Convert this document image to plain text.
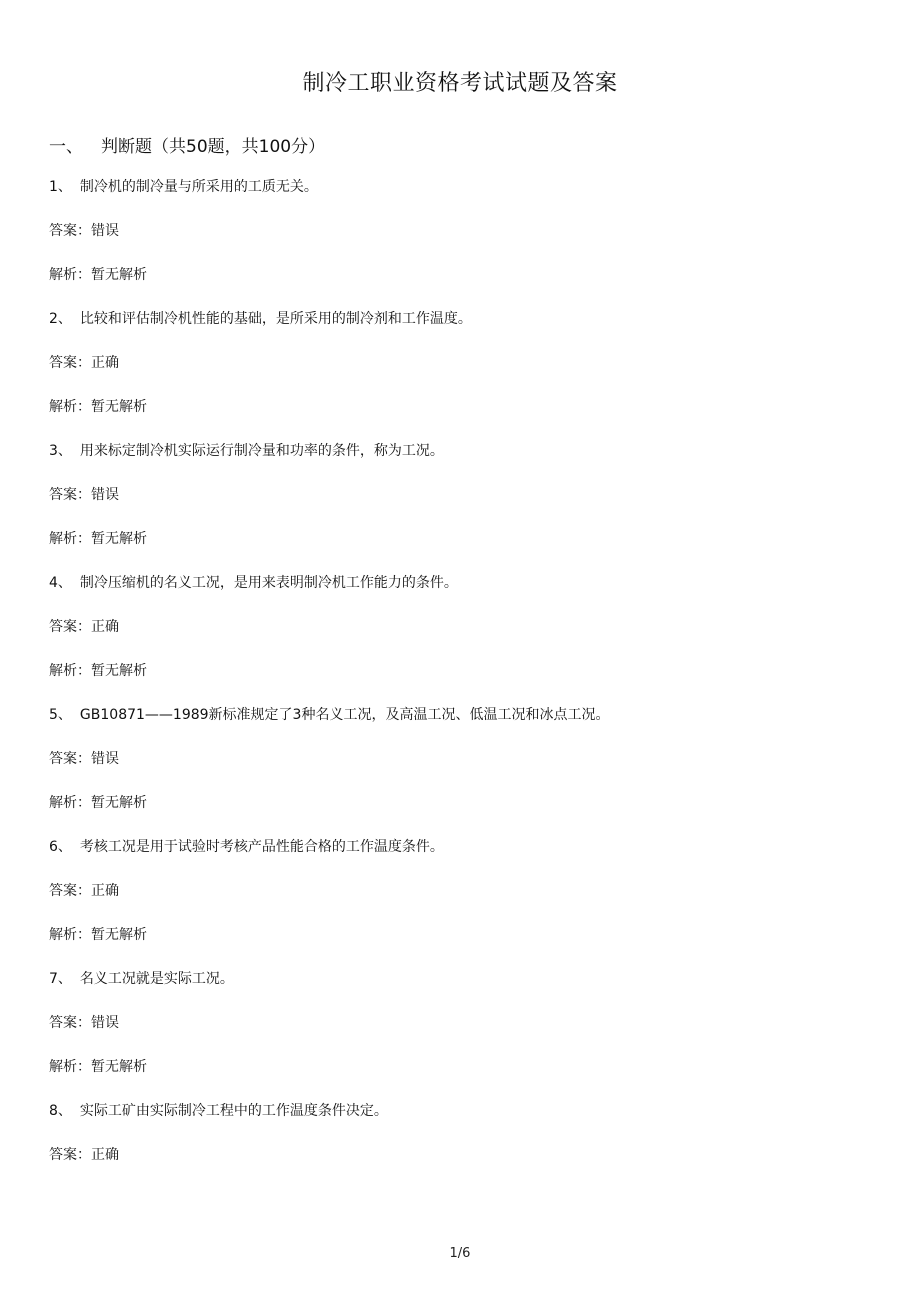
制冷工职业资格考试试题及答案
一、 判断题（共50题，共100分）
1、 制冷机的制冷量与所采用的工质无关。
答案：错误
解析：暂无解析
2、 比较和评估制冷机性能的基础，是所采用的制冷剂和工作温度。
答案：正确
解析：暂无解析
3、 用来标定制冷机实际运行制冷量和功率的条件，称为工况。
答案：错误
解析：暂无解析
4、 制冷压缩机的名义工况，是用来表明制冷机工作能力的条件。
答案：正确
解析：暂无解析
5、 GB10871——1989新标准规定了3种名义工况，及高温工况、低温工况和冰点工况。
答案：错误
解析：暂无解析
6、 考核工况是用于试验时考核产品性能合格的工作温度条件。
答案：正确
解析：暂无解析
7、 名义工况就是实际工况。
答案：错误
解析：暂无解析
8、 实际工矿由实际制冷工程中的工作温度条件决定。
答案：正确
1/6
